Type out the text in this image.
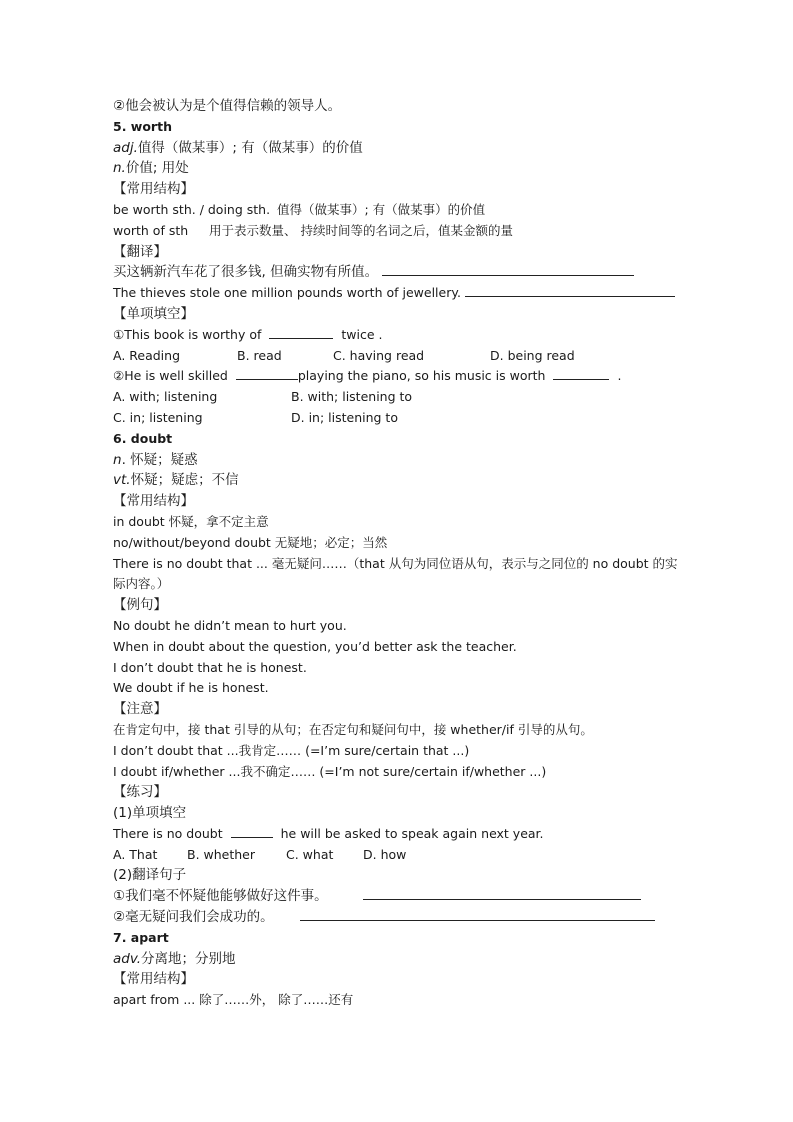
②他会被认为是个值得信赖的领导人。
5. worth
adj.值得（做某事）; 有（做某事）的价值
n.价值; 用处
【常用结构】
be worth sth. / doing sth. 值得（做某事）; 有（做某事）的价值
worth of sth 用于表示数量、 持续时间等的名词之后，值某金额的量
【翻译】
买这辆新汽车花了很多钱, 但确实物有所值。
The thieves stole one million pounds worth of jewellery.
【单项填空】
①This book is worthy of	twice .
A. Reading	B. read	C. having read	D. being read
②He is well skilled	playing the piano, so his music is worth	.
A. with; listening	B. with; listening to
C. in; listening	D. in; listening to
6. doubt
n. 怀疑；疑惑
vt.怀疑；疑虑；不信
【常用结构】
in doubt 怀疑，拿不定主意
no/without/beyond doubt 无疑地；必定；当然
There is no doubt that ... 毫无疑问……（that 从句为同位语从句，表示与之同位的 no doubt 的实际内容。）
【例句】
No doubt he didn’t mean to hurt you.
When in doubt about the question, you’d better ask the teacher.
I don’t doubt that he is honest.
We doubt if he is honest.
【注意】
在肯定句中，接 that 引导的从句；在否定句和疑问句中，接 whether/if 引导的从句。
I don’t doubt that ...我肯定…… (=I’m sure/certain that ...)
I doubt if/whether ...我不确定…… (=I’m not sure/certain if/whether ...)
【练习】
(1)单项填空
There is no doubt	he will be asked to speak again next year.
A. That B. whether C. what D. how
(2)翻译句子
①我们毫不怀疑他能够做好这件事。
②毫无疑问我们会成功的。
7. apart
adv.分离地；分别地
【常用结构】
apart from ... 除了……外， 除了……还有
